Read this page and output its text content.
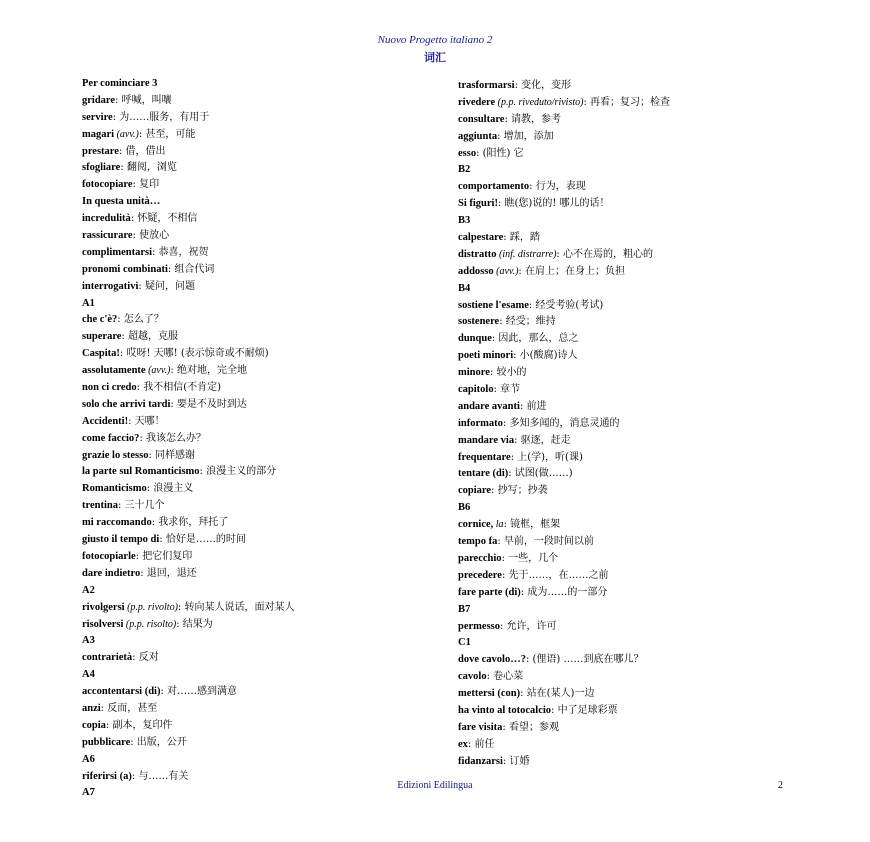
Nuovo Progetto italiano 2
词汇
Per cominciare 3
gridare: 呼喊，叫嚷
servire: 为……服务，有用于
magari (avv.): 甚至，可能
prestare: 借，借出
sfogliare: 翻阅，浏览
fotocopiare: 复印
In questa unità…
incredulità: 怀疑，不相信
rassicurare: 使放心
complimentarsi: 恭喜，祝贺
pronomi combinati: 组合代词
interrogativi: 疑问，问题
A1
che c'è?: 怎么了？
superare: 超越，克服
Caspita!: 哎呀! 天哪! (表示惊奇或不耐烦)
assolutamente (avv.): 绝对地，完全地
non ci credo: 我不相信(不肯定)
solo che arrivi tardi: 要是不及时到达
Accidenti!: 天哪！
come faccio?: 我该怎么办？
grazie lo stesso: 同样感谢
la parte sul Romanticismo: 浪漫主义的部分
Romanticismo: 浪漫主义
trentina: 三十几个
mi raccomando: 我求你，拜托了
giusto il tempo di: 恰好是……的时间
fotocopiarle: 把它们复印
dare indietro: 退回，退还
A2
rivolgersi (p.p. rivolto): 转向某人说话，面对某人
risolversi (p.p. risolto): 结果为
A3
contrarietà: 反对
A4
accontentarsi (di): 对……感到满意
anzi: 反而，甚至
copia: 副本，复印件
pubblicare: 出版，公开
A6
riferirsi (a): 与……有关
A7
trasformarsi: 变化，变形
rivedere (p.p. riveduto/rivisto): 再看；复习；检查
consultare: 请教，参考
aggiunta: 增加，添加
esso: (阳性) 它
B2
comportamento: 行为，表现
Si figuri!: 瞧(您)说的! 哪儿的话！
B3
calpestare: 踩，踏
distratto (inf. distrarre): 心不在焉的，粗心的
addosso (avv.): 在肩上；在身上；负担
B4
sostiene l'esame: 经受考验(考试)
sostenere: 经受；维持
dunque: 因此，那么，总之
poeti minori: 小(酸腐)诗人
minore: 较小的
capitolo: 章节
andare avanti: 前进
informato: 多知多闻的，消息灵通的
mandare via: 驱逐，赶走
frequentare: 上(学)，听(课)
tentare (di): 试图(做……)
copiare: 抄写；抄袭
B6
cornice, la: 镜框，框架
tempo fa: 早前，一段时间以前
parecchio: 一些，几个
precedere: 先于……，在……之前
fare parte (di): 成为……的一部分
B7
permesso: 允许，许可
C1
dove cavolo…?: (俚语) ……到底在哪儿？
cavolo: 卷心菜
mettersi (con): 站在(某人)一边
ha vinto al totocalcio: 中了足球彩票
fare visita: 看望；参观
ex: 前任
fidanzarsi: 订婚
Edizioni Edilingua	2
